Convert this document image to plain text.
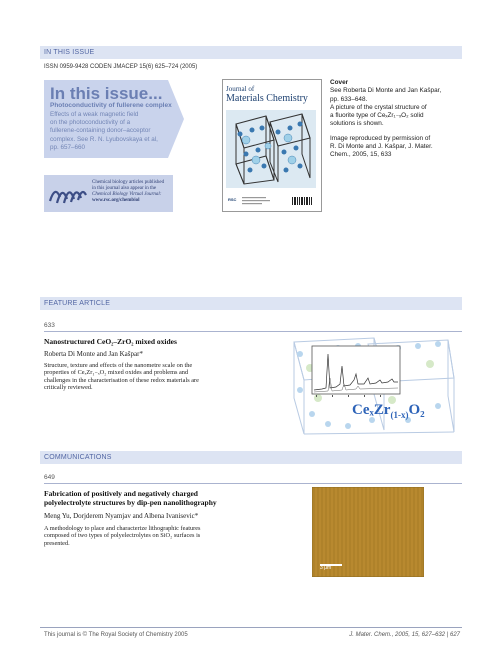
IN THIS ISSUE
ISSN 0959-9428 CODEN JMACEP 15(6) 625–724 (2005)
In this issue...
Photoconductivity of fullerene complex
Effects of a weak magnetic field
on the photoconductivity of a
fullerene-containing donor–acceptor
complex. See R. N. Lyubovskaya et al,
pp. 657–660
Chemical biology articles published
in this journal also appear in the
Chemical Biology Virtual Journal:
www.rsc.org/chembiol
Journal of
Materials Chemistry
RSC
Cover
See Roberta Di Monte and Jan Kašpar,
pp. 633–648.
A picture of the crystal structure of
a fluorite type of CeₓZr₁₋ₓO₂ solid
solutions is shown.
Image reproduced by permission of
R. Di Monte and J. Kašpar, J. Mater.
Chem., 2005, 15, 633
FEATURE ARTICLE
633
Nanostructured CeO₂–ZrO₂ mixed oxides
Roberta Di Monte and Jan Kašpar*
Structure, texture and effects of the nanometre scale on the
properties of CeₓZr₁₋ₓO₂ mixed oxides and problems and
challenges in the characterisation of these redox materials are
critically reviewed.
CeₓZr$_{(1-x)}$O₂
COMMUNICATIONS
649
Fabrication of positively and negatively charged
polyelectrolyte structures by dip-pen nanolithography
Meng Yu, Dorjderem Nyamjav and Albena Ivanisevic*
A methodology to place and characterize lithographic features
composed of two types of polyelectrolytes on SiO₂ surfaces is
presented.
3 μm
This journal is © The Royal Society of Chemistry 2005	J. Mater. Chem., 2005, 15, 627–632 | 627
